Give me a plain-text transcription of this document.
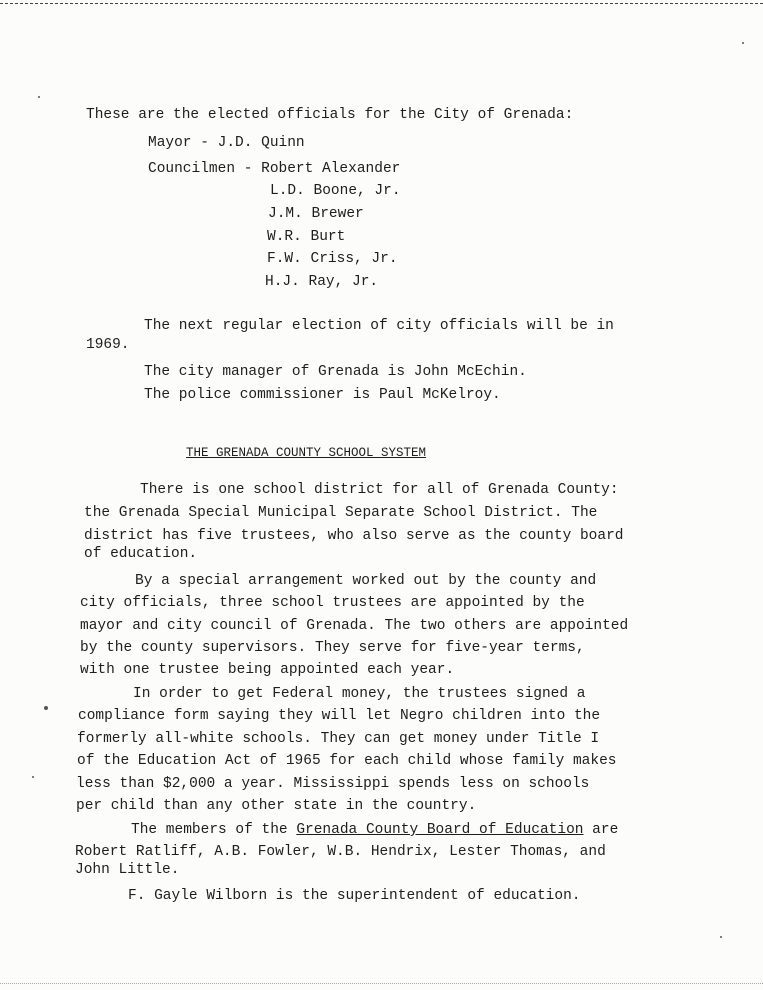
These are the elected officials for the City of Grenada:
Mayor - J.D. Quinn
Councilmen - Robert Alexander
L.D. Boone, Jr.
J.M. Brewer
W.R. Burt
F.W. Criss, Jr.
H.J. Ray, Jr.
The next regular election of city officials will be in
1969.
The city manager of Grenada is John McEchin.
The police commissioner is Paul McKelroy.
THE GRENADA COUNTY SCHOOL SYSTEM
There is one school district for all of Grenada County:
the Grenada Special Municipal Separate School District. The
district has five trustees, who also serve as the county board
of education.
By a special arrangement worked out by the county and
city officials, three school trustees are appointed by the
mayor and city council of Grenada. The two others are appointed
by the county supervisors. They serve for five-year terms,
with one trustee being appointed each year.
In order to get Federal money, the trustees signed a
compliance form saying they will let Negro children into the
formerly all-white schools. They can get money under Title I
of the Education Act of 1965 for each child whose family makes
less than $2,000 a year. Mississippi spends less on schools
per child than any other state in the country.
The members of the Grenada County Board of Education are
Robert Ratliff, A.B. Fowler, W.B. Hendrix, Lester Thomas, and
John Little.
F. Gayle Wilborn is the superintendent of education.
